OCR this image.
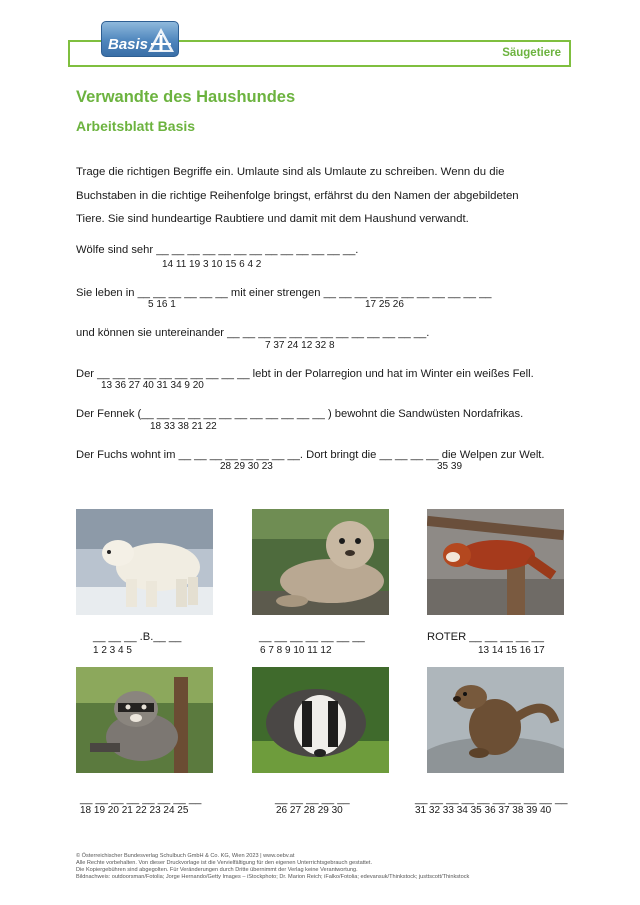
Säugetiere
Basis
Verwandte des Haushundes
Arbeitsblatt Basis
Trage die richtigen Begriffe ein. Umlaute sind als Umlaute zu schreiben. Wenn du die
Buchstaben in die richtige Reihenfolge bringst, erfährst du den Namen der abgebildeten
Tiere. Sie sind hundeartige Raubtiere und damit mit dem Haushund verwandt.
Wölfe sind sehr __ __ __ __ __ __ __ __ __ __ __ __ __.
14 11 19 3 10 15 6 4 2
Sie leben in __ __ __ __ __ __ mit einer strengen __ __ __ __ __ __ __ __ __ __ __
5 16 1	17 25 26
und können sie untereinander __ __ __ __ __ __ __ __ __ __ __ __ __.
7 37 24 12 32 8
Der __ __ __ __ __ __ __ __ __ __ lebt in der Polarregion und hat im Winter ein weißes Fell.
13 36 27 40 31 34 9 20
Der Fennek (__ __ __ __ __ __ __ __ __ __ __ __ ) bewohnt die Sandwüsten Nordafrikas.
18 33 38 21 22
Der Fuchs wohnt im __ __ __ __ __ __ __ __. Dort bringt die __ __ __ __ die Welpen zur Welt.
28 29 30 23	35 39
__ __ __ .B.__ __
1 2 3 4 5
__ __ __ __ __ __ __
6 7 8 9 10 11 12
ROTER __ __ __ __ __
13 14 15 16 17
__ __ __ __ __ __ __ __
18 19 20 21 22 23 24 25
__ __ __ __ __
26 27 28 29 30
__ __ __ __ __ __ __ __ __ __
31 32 33 34 35 36 37 38 39 40
© Österreichischer Bundesverlag Schulbuch GmbH & Co. KG, Wien 2023 | www.oebv.at
Alle Rechte vorbehalten. Von dieser Druckvorlage ist die Vervielfältigung für den eigenen Unterrichtsgebrauch gestattet.
Die Kopiergebühren sind abgegolten. Für Veränderungen durch Dritte übernimmt der Verlag keine Verantwortung.
Bildnachweis: outdoorsman/Fotolia; Jorge Hernando/Getty Images – iStockphoto; Dr. Marion Reich; iFalko/Fotolia; edevansuk/Thinkstock; justtscott/Thinkstock
